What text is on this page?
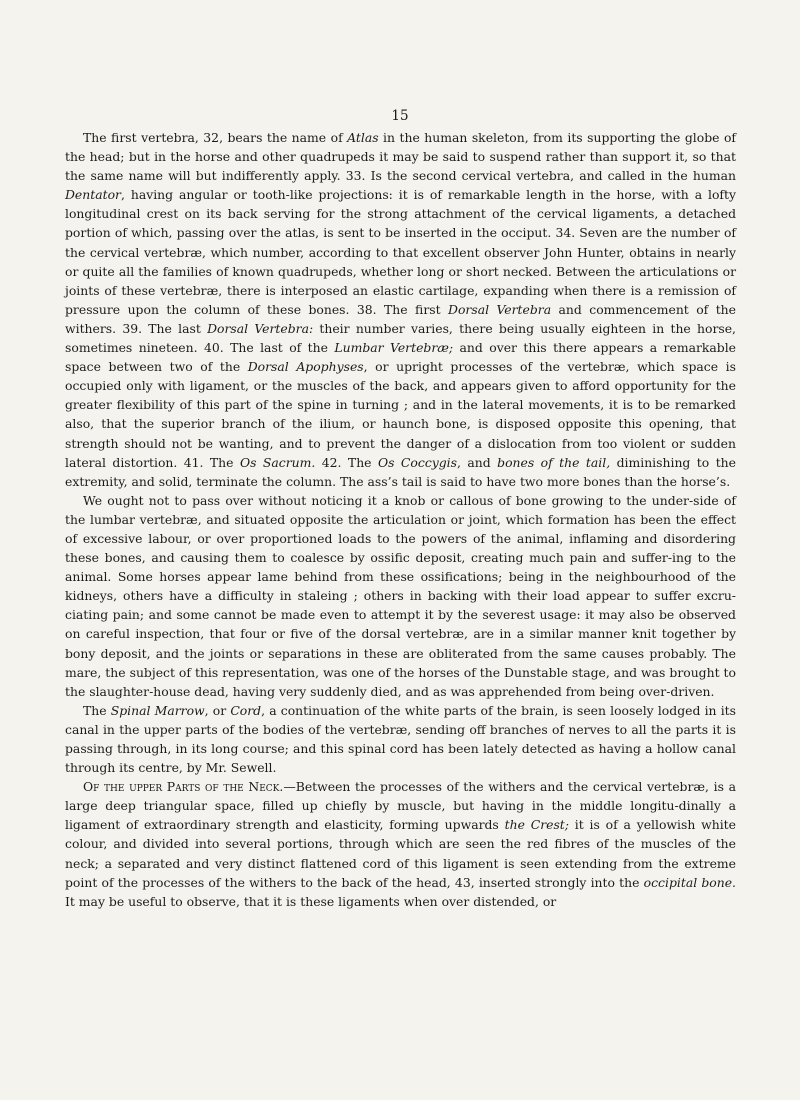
15

The first vertebra, 32, bears the name of Atlas in the human skeleton, from its supporting the globe of the head; but in the horse and other quadrupeds it may be said to suspend rather than support it, so that the same name will but indifferently apply. 33. Is the second cervical vertebra, and called in the human Dentator, having angular or tooth-like projections: it is of remarkable length in the horse, with a lofty longitudinal crest on its back serving for the strong attachment of the cervical ligaments, a detached portion of which, passing over the atlas, is sent to be inserted in the occiput. 34. Seven are the number of the cervical vertebræ, which number, according to that excellent observer John Hunter, obtains in nearly or quite all the families of known quadrupeds, whether long or short necked. Between the articulations or joints of these vertebræ, there is interposed an elastic cartilage, expanding when there is a remission of pressure upon the column of these bones. 38. The first Dorsal Vertebra and commencement of the withers. 39. The last Dorsal Vertebra: their number varies, there being usually eighteen in the horse, sometimes nineteen. 40. The last of the Lumbar Vertebræ; and over this there appears a remarkable space between two of the Dorsal Apophyses, or upright processes of the vertebræ, which space is occupied only with ligament, or the muscles of the back, and appears given to afford opportunity for the greater flexibility of this part of the spine in turning ; and in the lateral movements, it is to be remarked also, that the superior branch of the ilium, or haunch bone, is disposed opposite this opening, that strength should not be wanting, and to prevent the danger of a dislocation from too violent or sudden lateral distortion. 41. The Os Sacrum. 42. The Os Coccygis, and bones of the tail, diminishing to the extremity, and solid, terminate the column. The ass’s tail is said to have two more bones than the horse’s.

We ought not to pass over without noticing it a knob or callous of bone growing to the under-side of the lumbar vertebræ, and situated opposite the articulation or joint, which formation has been the effect of excessive labour, or over proportioned loads to the powers of the animal, inflaming and disordering these bones, and causing them to coalesce by ossific deposit, creating much pain and suffer-ing to the animal. Some horses appear lame behind from these ossifications; being in the neighbourhood of the kidneys, others have a difficulty in staleing ; others in backing with their load appear to suffer excru-ciating pain; and some cannot be made even to attempt it by the severest usage: it may also be observed on careful inspection, that four or five of the dorsal vertebræ, are in a similar manner knit together by bony deposit, and the joints or separations in these are obliterated from the same causes probably. The mare, the subject of this representation, was one of the horses of the Dunstable stage, and was brought to the slaughter-house dead, having very suddenly died, and as was apprehended from being over-driven.

The Spinal Marrow, or Cord, a continuation of the white parts of the brain, is seen loosely lodged in its canal in the upper parts of the bodies of the vertebræ, sending off branches of nerves to all the parts it is passing through, in its long course; and this spinal cord has been lately detected as having a hollow canal through its centre, by Mr. Sewell.

Of the upper Parts of the Neck.—Between the processes of the withers and the cervical vertebræ, is a large deep triangular space, filled up chiefly by muscle, but having in the middle longitu-dinally a ligament of extraordinary strength and elasticity, forming upwards the Crest; it is of a yellowish white colour, and divided into several portions, through which are seen the red fibres of the muscles of the neck; a separated and very distinct flattened cord of this ligament is seen extending from the extreme point of the processes of the withers to the back of the head, 43, inserted strongly into the occipital bone. It may be useful to observe, that it is these ligaments when over distended, or
